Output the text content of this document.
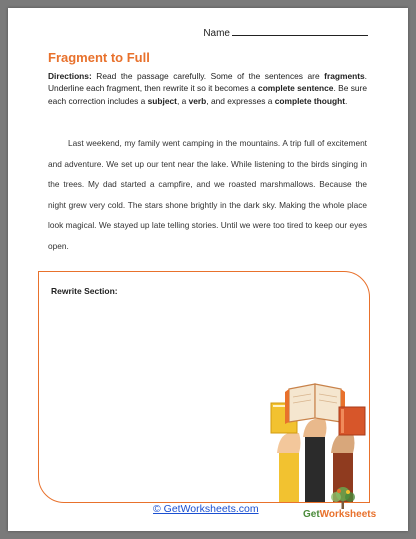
Name
Fragment to Full
Directions: Read the passage carefully. Some of the sentences are fragments. Underline each fragment, then rewrite it so it becomes a complete sentence. Be sure each correction includes a subject, a verb, and expresses a complete thought.
Last weekend, my family went camping in the mountains. A trip full of excitement and adventure. We set up our tent near the lake. While listening to the birds singing in the trees. My dad started a campfire, and we roasted marshmallows. Because the night grew very cold. The stars shone brightly in the dark sky. Making the whole place look magical. We stayed up late telling stories. Until we were too tired to keep our eyes open.
Rewrite Section:
© GetWorksheets.com	GetWorksheets
